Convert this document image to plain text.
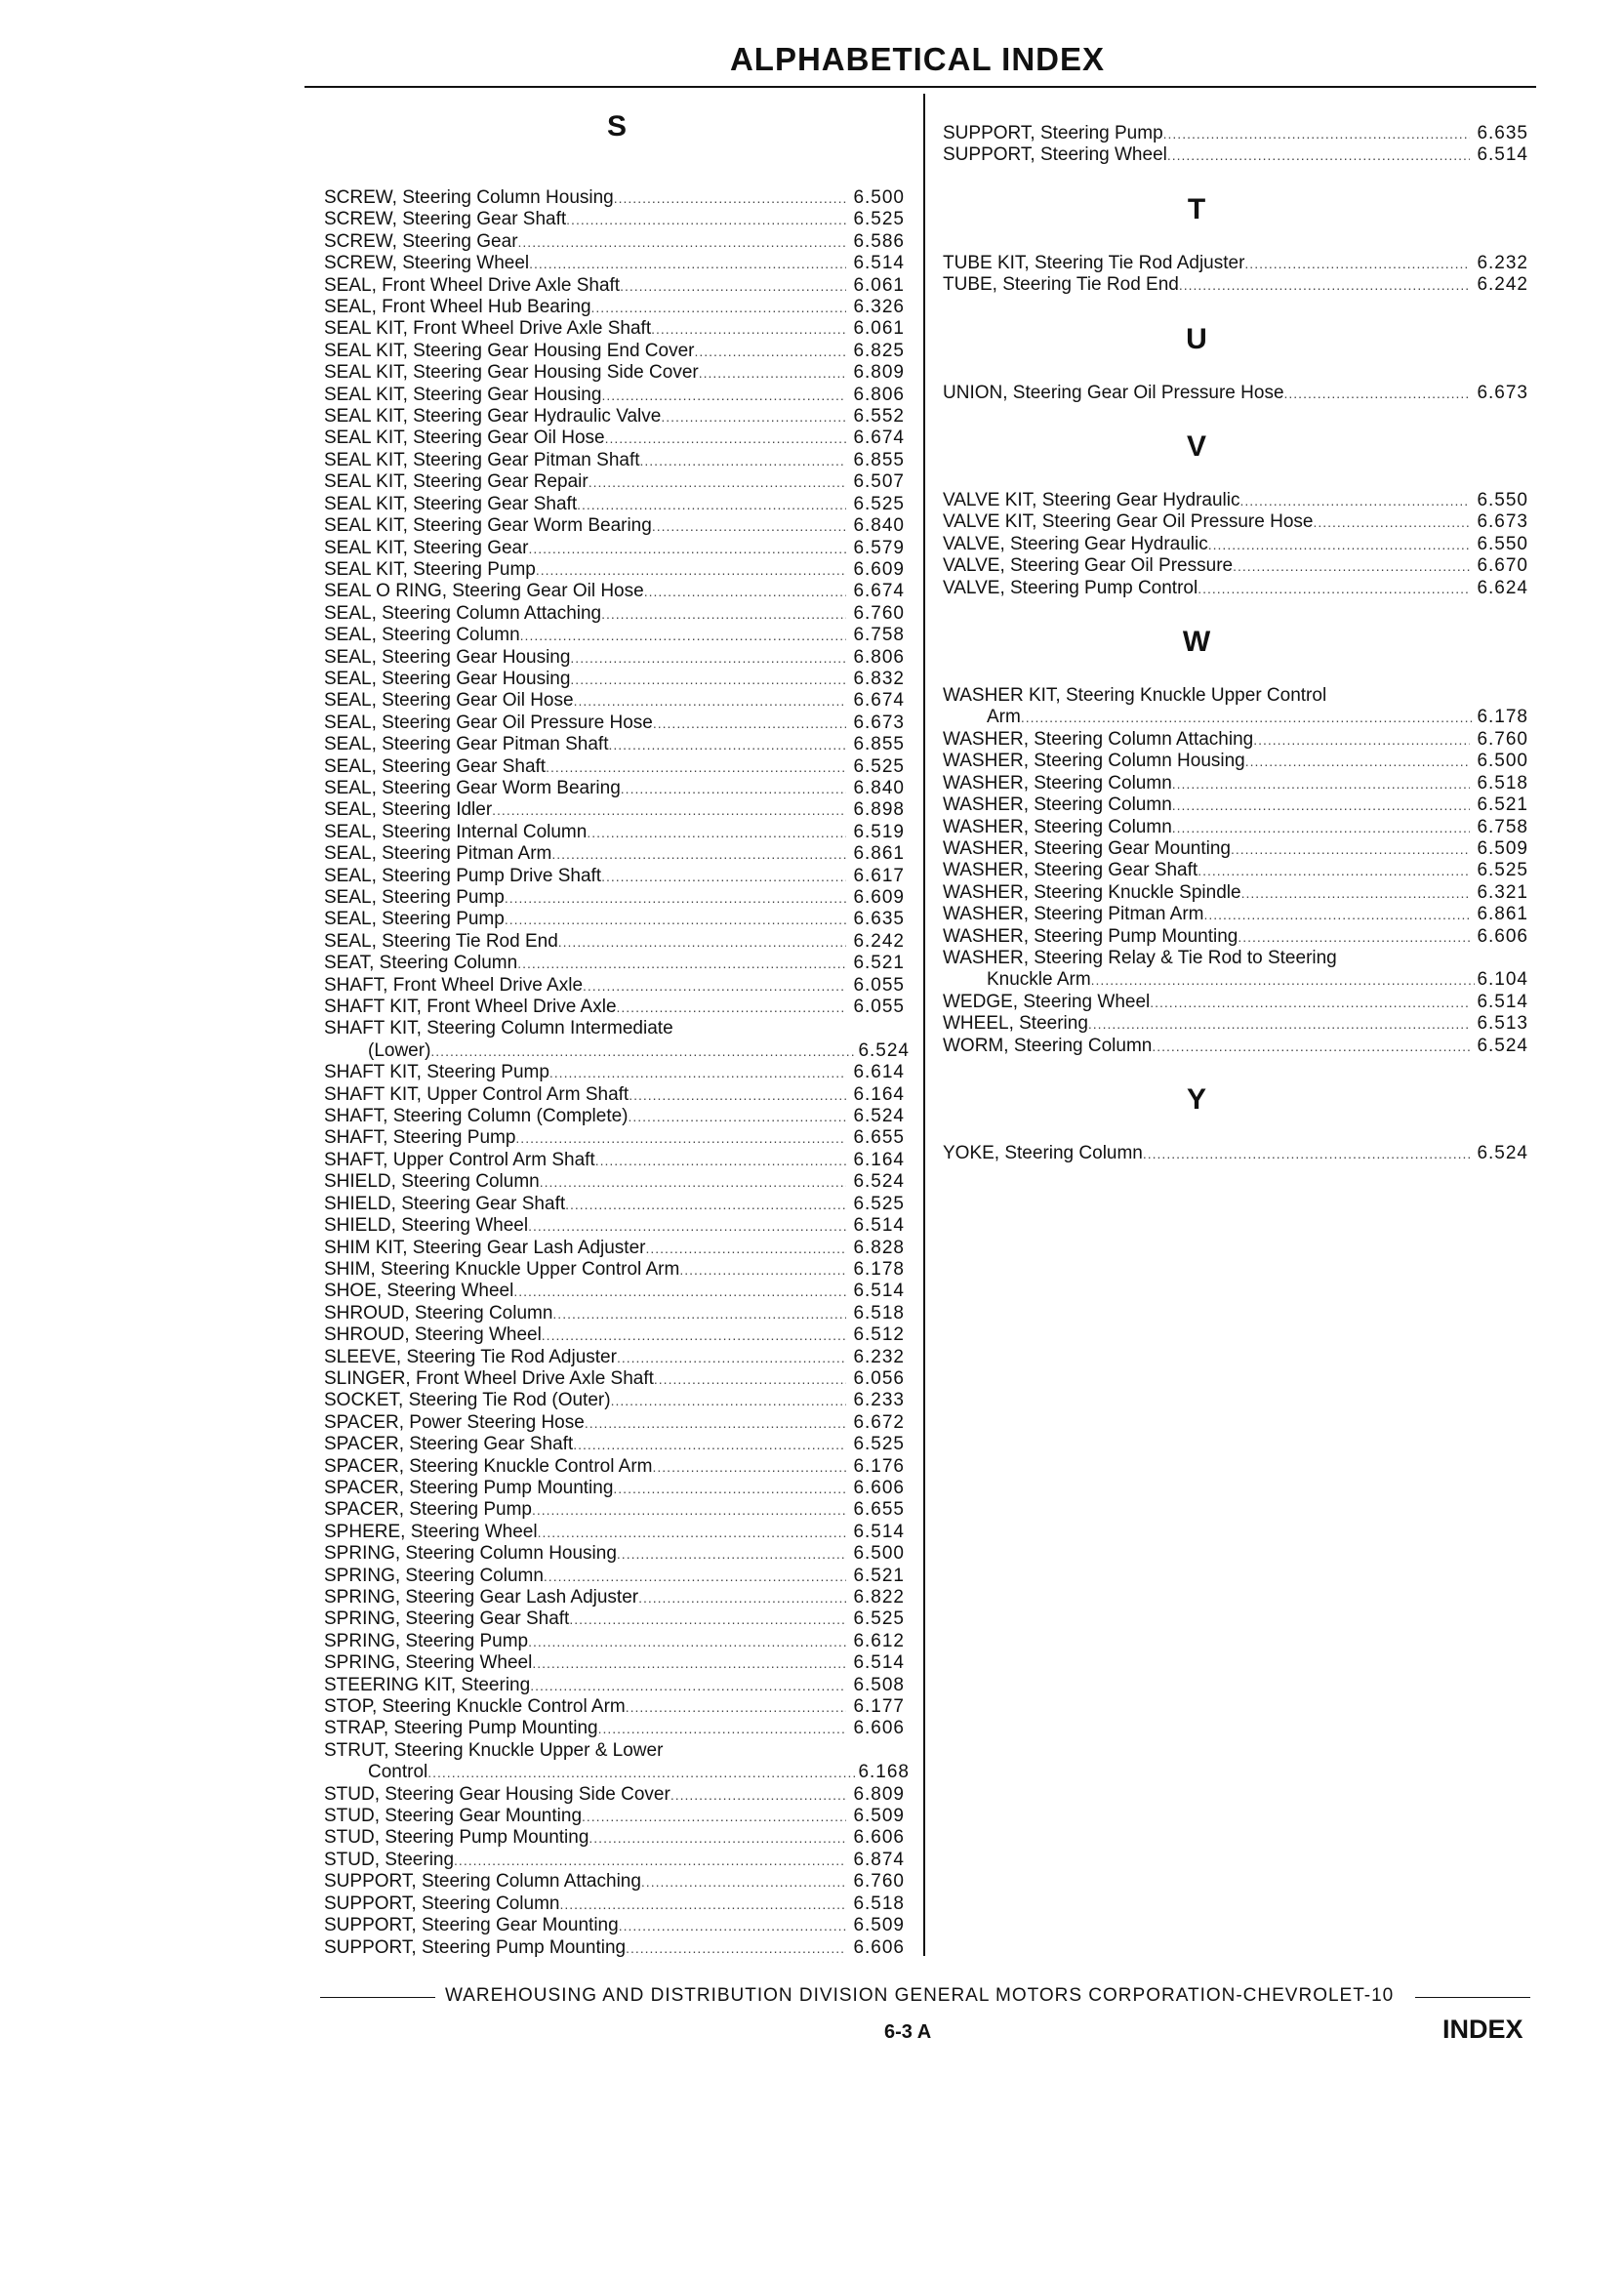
ALPHABETICAL INDEX
S
SCREW, Steering Column Housing .....	6.500
SCREW, Steering Gear Shaft .....	6.525
SCREW, Steering Gear .....	6.586
SCREW, Steering Wheel .....	6.514
SEAL, Front Wheel Drive Axle Shaft .....	6.061
SEAL, Front Wheel Hub Bearing .....	6.326
SEAL KIT, Front Wheel Drive Axle Shaft .....	6.061
SEAL KIT, Steering Gear Housing End Cover .....	6.825
SEAL KIT, Steering Gear Housing Side Cover .....	6.809
SEAL KIT, Steering Gear Housing .....	6.806
SEAL KIT, Steering Gear Hydraulic Valve .....	6.552
SEAL KIT, Steering Gear Oil Hose .....	6.674
SEAL KIT, Steering Gear Pitman Shaft .....	6.855
SEAL KIT, Steering Gear Repair .....	6.507
SEAL KIT, Steering Gear Shaft .....	6.525
SEAL KIT, Steering Gear Worm Bearing .....	6.840
SEAL KIT, Steering Gear .....	6.579
SEAL KIT, Steering Pump .....	6.609
SEAL O RING, Steering Gear Oil Hose .....	6.674
SEAL, Steering Column Attaching .....	6.760
SEAL, Steering Column .....	6.758
SEAL, Steering Gear Housing .....	6.806
SEAL, Steering Gear Housing .....	6.832
SEAL, Steering Gear Oil Hose .....	6.674
SEAL, Steering Gear Oil Pressure Hose .....	6.673
SEAL, Steering Gear Pitman Shaft .....	6.855
SEAL, Steering Gear Shaft .....	6.525
SEAL, Steering Gear Worm Bearing .....	6.840
SEAL, Steering Idler .....	6.898
SEAL, Steering Internal Column .....	6.519
SEAL, Steering Pitman Arm .....	6.861
SEAL, Steering Pump Drive Shaft .....	6.617
SEAL, Steering Pump .....	6.609
SEAL, Steering Pump .....	6.635
SEAL, Steering Tie Rod End .....	6.242
SEAT, Steering Column .....	6.521
SHAFT, Front Wheel Drive Axle .....	6.055
SHAFT KIT, Front Wheel Drive Axle .....	6.055
SHAFT KIT, Steering Column Intermediate
(Lower) .....	6.524
SHAFT KIT, Steering Pump .....	6.614
SHAFT KIT, Upper Control Arm Shaft .....	6.164
SHAFT, Steering Column (Complete) .....	6.524
SHAFT, Steering Pump .....	6.655
SHAFT, Upper Control Arm Shaft .....	6.164
SHIELD, Steering Column .....	6.524
SHIELD, Steering Gear Shaft .....	6.525
SHIELD, Steering Wheel .....	6.514
SHIM KIT, Steering Gear Lash Adjuster .....	6.828
SHIM, Steering Knuckle Upper Control Arm .....	6.178
SHOE, Steering Wheel .....	6.514
SHROUD, Steering Column .....	6.518
SHROUD, Steering Wheel .....	6.512
SLEEVE, Steering Tie Rod Adjuster .....	6.232
SLINGER, Front Wheel Drive Axle Shaft .....	6.056
SOCKET, Steering Tie Rod (Outer) .....	6.233
SPACER, Power Steering Hose .....	6.672
SPACER, Steering Gear Shaft .....	6.525
SPACER, Steering Knuckle Control Arm .....	6.176
SPACER, Steering Pump Mounting .....	6.606
SPACER, Steering Pump .....	6.655
SPHERE, Steering Wheel .....	6.514
SPRING, Steering Column Housing .....	6.500
SPRING, Steering Column .....	6.521
SPRING, Steering Gear Lash Adjuster .....	6.822
SPRING, Steering Gear Shaft .....	6.525
SPRING, Steering Pump .....	6.612
SPRING, Steering Wheel .....	6.514
STEERING KIT, Steering .....	6.508
STOP, Steering Knuckle Control Arm .....	6.177
STRAP, Steering Pump Mounting .....	6.606
STRUT, Steering Knuckle Upper & Lower
Control .....	6.168
STUD, Steering Gear Housing Side Cover .....	6.809
STUD, Steering Gear Mounting .....	6.509
STUD, Steering Pump Mounting .....	6.606
STUD, Steering .....	6.874
SUPPORT, Steering Column Attaching .....	6.760
SUPPORT, Steering Column .....	6.518
SUPPORT, Steering Gear Mounting .....	6.509
SUPPORT, Steering Pump Mounting .....	6.606
SUPPORT, Steering Pump .....	6.635
SUPPORT, Steering Wheel .....	6.514
T
TUBE KIT, Steering Tie Rod Adjuster .....	6.232
TUBE, Steering Tie Rod End .....	6.242
U
UNION, Steering Gear Oil Pressure Hose .....	6.673
V
VALVE KIT, Steering Gear Hydraulic .....	6.550
VALVE KIT, Steering Gear Oil Pressure Hose .....	6.673
VALVE, Steering Gear Hydraulic .....	6.550
VALVE, Steering Gear Oil Pressure .....	6.670
VALVE, Steering Pump Control .....	6.624
W
WASHER KIT, Steering Knuckle Upper Control
Arm .....	6.178
WASHER, Steering Column Attaching .....	6.760
WASHER, Steering Column Housing .....	6.500
WASHER, Steering Column .....	6.518
WASHER, Steering Column .....	6.521
WASHER, Steering Column .....	6.758
WASHER, Steering Gear Mounting .....	6.509
WASHER, Steering Gear Shaft .....	6.525
WASHER, Steering Knuckle Spindle .....	6.321
WASHER, Steering Pitman Arm .....	6.861
WASHER, Steering Pump Mounting .....	6.606
WASHER, Steering Relay & Tie Rod to Steering
Knuckle Arm .....	6.104
WEDGE, Steering Wheel .....	6.514
WHEEL, Steering .....	6.513
WORM, Steering Column .....	6.524
Y
YOKE, Steering Column .....	6.524
WAREHOUSING AND DISTRIBUTION DIVISION GENERAL MOTORS CORPORATION-CHEVROLET-10
6-3 A	INDEX
